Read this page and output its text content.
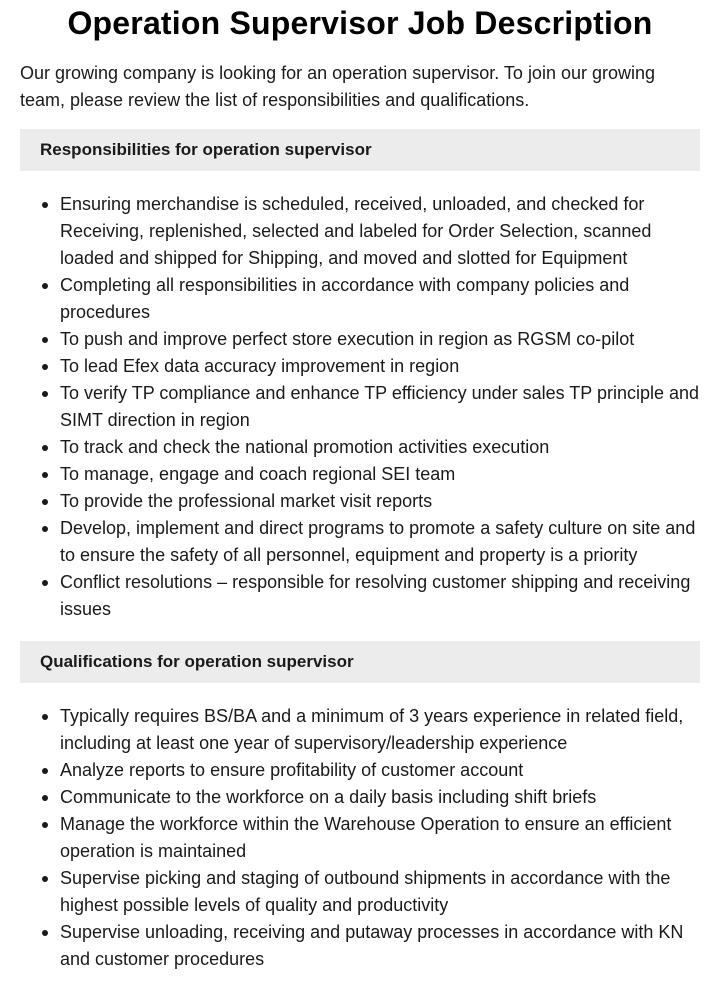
Operation Supervisor Job Description

Our growing company is looking for an operation supervisor. To join our growing team, please review the list of responsibilities and qualifications.

Responsibilities for operation supervisor
Ensuring merchandise is scheduled, received, unloaded, and checked for Receiving, replenished, selected and labeled for Order Selection, scanned loaded and shipped for Shipping, and moved and slotted for Equipment
Completing all responsibilities in accordance with company policies and procedures
To push and improve perfect store execution in region as RGSM co-pilot
To lead Efex data accuracy improvement in region
To verify TP compliance and enhance TP efficiency under sales TP principle and SIMT direction in region
To track and check the national promotion activities execution
To manage, engage and coach regional SEI team
To provide the professional market visit reports
Develop, implement and direct programs to promote a safety culture on site and to ensure the safety of all personnel, equipment and property is a priority
Conflict resolutions – responsible for resolving customer shipping and receiving issues
Qualifications for operation supervisor
Typically requires BS/BA and a minimum of 3 years experience in related field, including at least one year of supervisory/leadership experience
Analyze reports to ensure profitability of customer account
Communicate to the workforce on a daily basis including shift briefs
Manage the workforce within the Warehouse Operation to ensure an efficient operation is maintained
Supervise picking and staging of outbound shipments in accordance with the highest possible levels of quality and productivity
Supervise unloading, receiving and putaway processes in accordance with KN and customer procedures
